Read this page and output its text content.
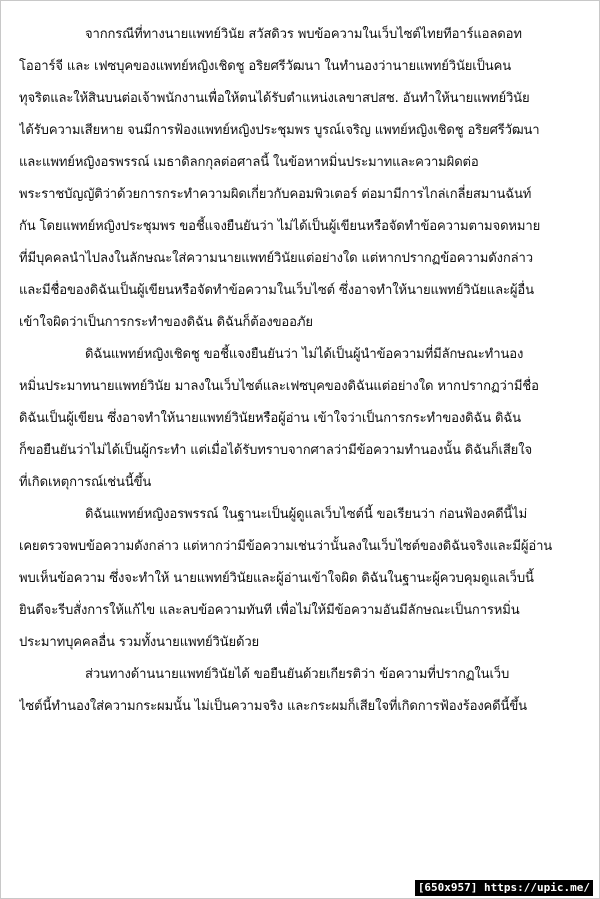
จากกรณีที่ทางนายแพทย์วินัย สวัสดิวร พบข้อความในเว็บไซต์ไทยทีอาร์แอลดอท
โออาร์จี และ เฟซบุคของแพทย์หญิงเชิดชู อริยศรีวัฒนา ในทำนองว่านายแพทย์วินัยเป็นคน
ทุจริตและให้สินบนต่อเจ้าพนักงานเพื่อให้ตนได้รับตำแหน่งเลขาสปสช. อันทำให้นายแพทย์วินัย
ได้รับความเสียหาย จนมีการฟ้องแพทย์หญิงประชุมพร บูรณ์เจริญ แพทย์หญิงเชิดชู อริยศรีวัฒนา
และแพทย์หญิงอรพรรณ์ เมธาดิลกกุลต่อศาลนี้ ในข้อหาหมิ่นประมาทและความผิดต่อ
พระราชบัญญัติว่าด้วยการกระทำความผิดเกี่ยวกับคอมพิวเตอร์ ต่อมามีการไกล่เกลี่ยสมานฉันท์
กัน โดยแพทย์หญิงประชุมพร ขอชี้แจงยืนยันว่า ไม่ได้เป็นผู้เขียนหรือจัดทำข้อความตามจดหมาย
ที่มีบุคคลนำไปลงในลักษณะใส่ความนายแพทย์วินัยแต่อย่างใด แต่หากปรากฏข้อความดังกล่าว
และมีชื่อของดิฉันเป็นผู้เขียนหรือจัดทำข้อความในเว็บไซต์ ซึ่งอาจทำให้นายแพทย์วินัยและผู้อื่น
เข้าใจผิดว่าเป็นการกระทำของดิฉัน ดิฉันก็ต้องขออภัย
ดิฉันแพทย์หญิงเชิดชู ขอชี้แจงยืนยันว่า ไม่ได้เป็นผู้นำข้อความที่มีลักษณะทำนอง
หมิ่นประมาทนายแพทย์วินัย มาลงในเว็บไซต์และเฟซบุคของดิฉันแต่อย่างใด หากปรากฏว่ามีชื่อ
ดิฉันเป็นผู้เขียน ซึ่งอาจทำให้นายแพทย์วินัยหรือผู้อ่าน เข้าใจว่าเป็นการกระทำของดิฉัน ดิฉัน
ก็ขอยืนยันว่าไม่ได้เป็นผู้กระทำ แต่เมื่อได้รับทราบจากศาลว่ามีข้อความทำนองนั้น ดิฉันก็เสียใจ
ที่เกิดเหตุการณ์เช่นนี้ขึ้น
ดิฉันแพทย์หญิงอรพรรณ์ ในฐานะเป็นผู้ดูแลเว็บไซต์นี้ ขอเรียนว่า ก่อนฟ้องคดีนี้ไม่
เคยตรวจพบข้อความดังกล่าว แต่หากว่ามีข้อความเช่นว่านั้นลงในเว็บไซต์ของดิฉันจริงและมีผู้อ่าน
พบเห็นข้อความ ซึ่งจะทำให้ นายแพทย์วินัยและผู้อ่านเข้าใจผิด ดิฉันในฐานะผู้ควบคุมดูแลเว็บนี้
ยินดีจะรีบสั่งการให้แก้ไข และลบข้อความทันที เพื่อไม่ให้มีข้อความอันมีลักษณะเป็นการหมิ่น
ประมาทบุคคลอื่น รวมทั้งนายแพทย์วินัยด้วย
ส่วนทางด้านนายแพทย์วินัยได้ ขอยืนยันด้วยเกียรติว่า ข้อความที่ปรากฏในเว็บ
ไซต์นี้ทำนองใส่ความกระผมนั้น ไม่เป็นความจริง และกระผมก็เสียใจที่เกิดการฟ้องร้องคดีนี้ขึ้น
[650x957] https://upic.me/
